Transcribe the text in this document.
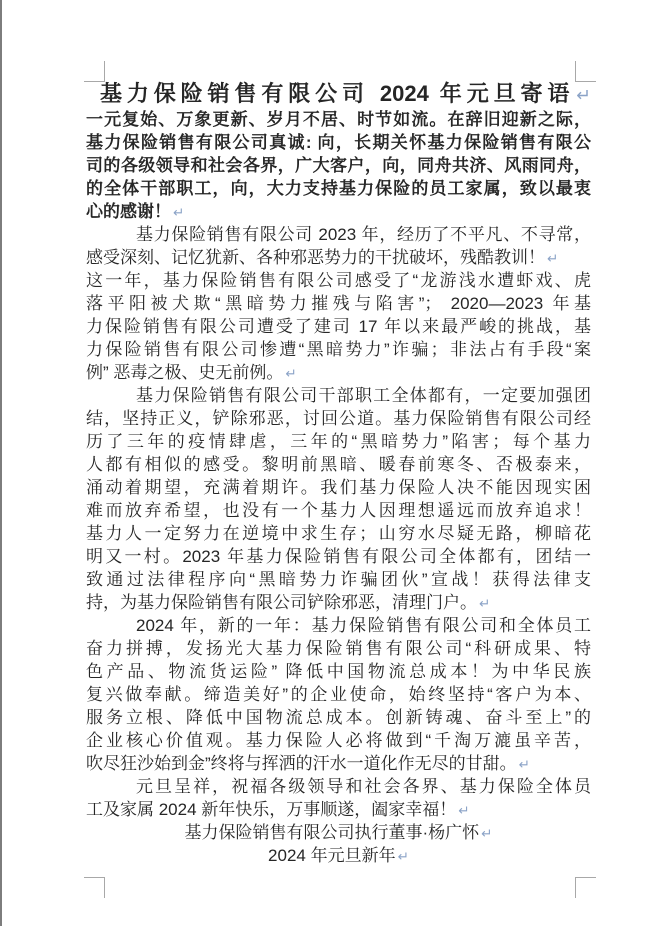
基力保险销售有限公司 2024 年元旦寄语 ↵
一元复始、万象更新、岁月不居、时节如流。在辞旧迎新之际，
基力保险销售有限公司真诚: 向，长期关怀基力保险销售有限公
司的各级领导和社会各界，广大客户，向，同舟共济、风雨同舟，
的全体干部职工，向，大力支持基力保险的员工家属，致以最衷
心的感谢！ ↵
基力保险销售有限公司 2023 年，经历了不平凡、不寻常，
感受深刻、记忆犹新、各种邪恶势力的干扰破坏，残酷教训！ ↵
这一年，基力保险销售有限公司感受了“龙游浅水遭虾戏、虎
落平阳被犬欺“黑暗势力摧残与陷害”； 2020—2023 年基
力保险销售有限公司遭受了建司 17 年以来最严峻的挑战，基
力保险销售有限公司惨遭“黑暗势力”诈骗；非法占有手段“案
例” 恶毒之极、史无前例。 ↵
基力保险销售有限公司干部职工全体都有，一定要加强团
结，坚持正义，铲除邪恶，讨回公道。基力保险销售有限公司经
历了三年的疫情肆虐，三年的“黑暗势力”陷害；每个基力
人都有相似的感受。黎明前黑暗、暖春前寒冬、否极泰来，
涌动着期望，充满着期许。我们基力保险人决不能因现实困
难而放弃希望，也没有一个基力人因理想遥远而放弃追求！
基力人一定努力在逆境中求生存；山穷水尽疑无路，柳暗花
明又一村。2023 年基力保险销售有限公司全体都有，团结一
致通过法律程序向“黑暗势力诈骗团伙”宣战！获得法律支
持，为基力保险销售有限公司铲除邪恶，清理门户。 ↵
2024 年，新的一年：基力保险销售有限公司和全体员工
奋力拼搏，发扬光大基力保险销售有限公司“科研成果、特
色产品、物流货运险” 降低中国物流总成本！为中华民族
复兴做奉献。缔造美好”的企业使命，始终坚持“客户为本、
服务立根、降低中国物流总成本。创新铸魂、奋斗至上”的
企业核心价值观。基力保险人必将做到“千淘万漉虽辛苦，
吹尽狂沙始到金”终将与挥洒的汗水一道化作无尽的甘甜。 ↵
元旦呈祥，祝福各级领导和社会各界、基力保险全体员
工及家属 2024 新年快乐，万事顺遂，阖家幸福！ ↵
基力保险销售有限公司执行董事·杨广怀 ↵
2024 年元旦新年 ↵
